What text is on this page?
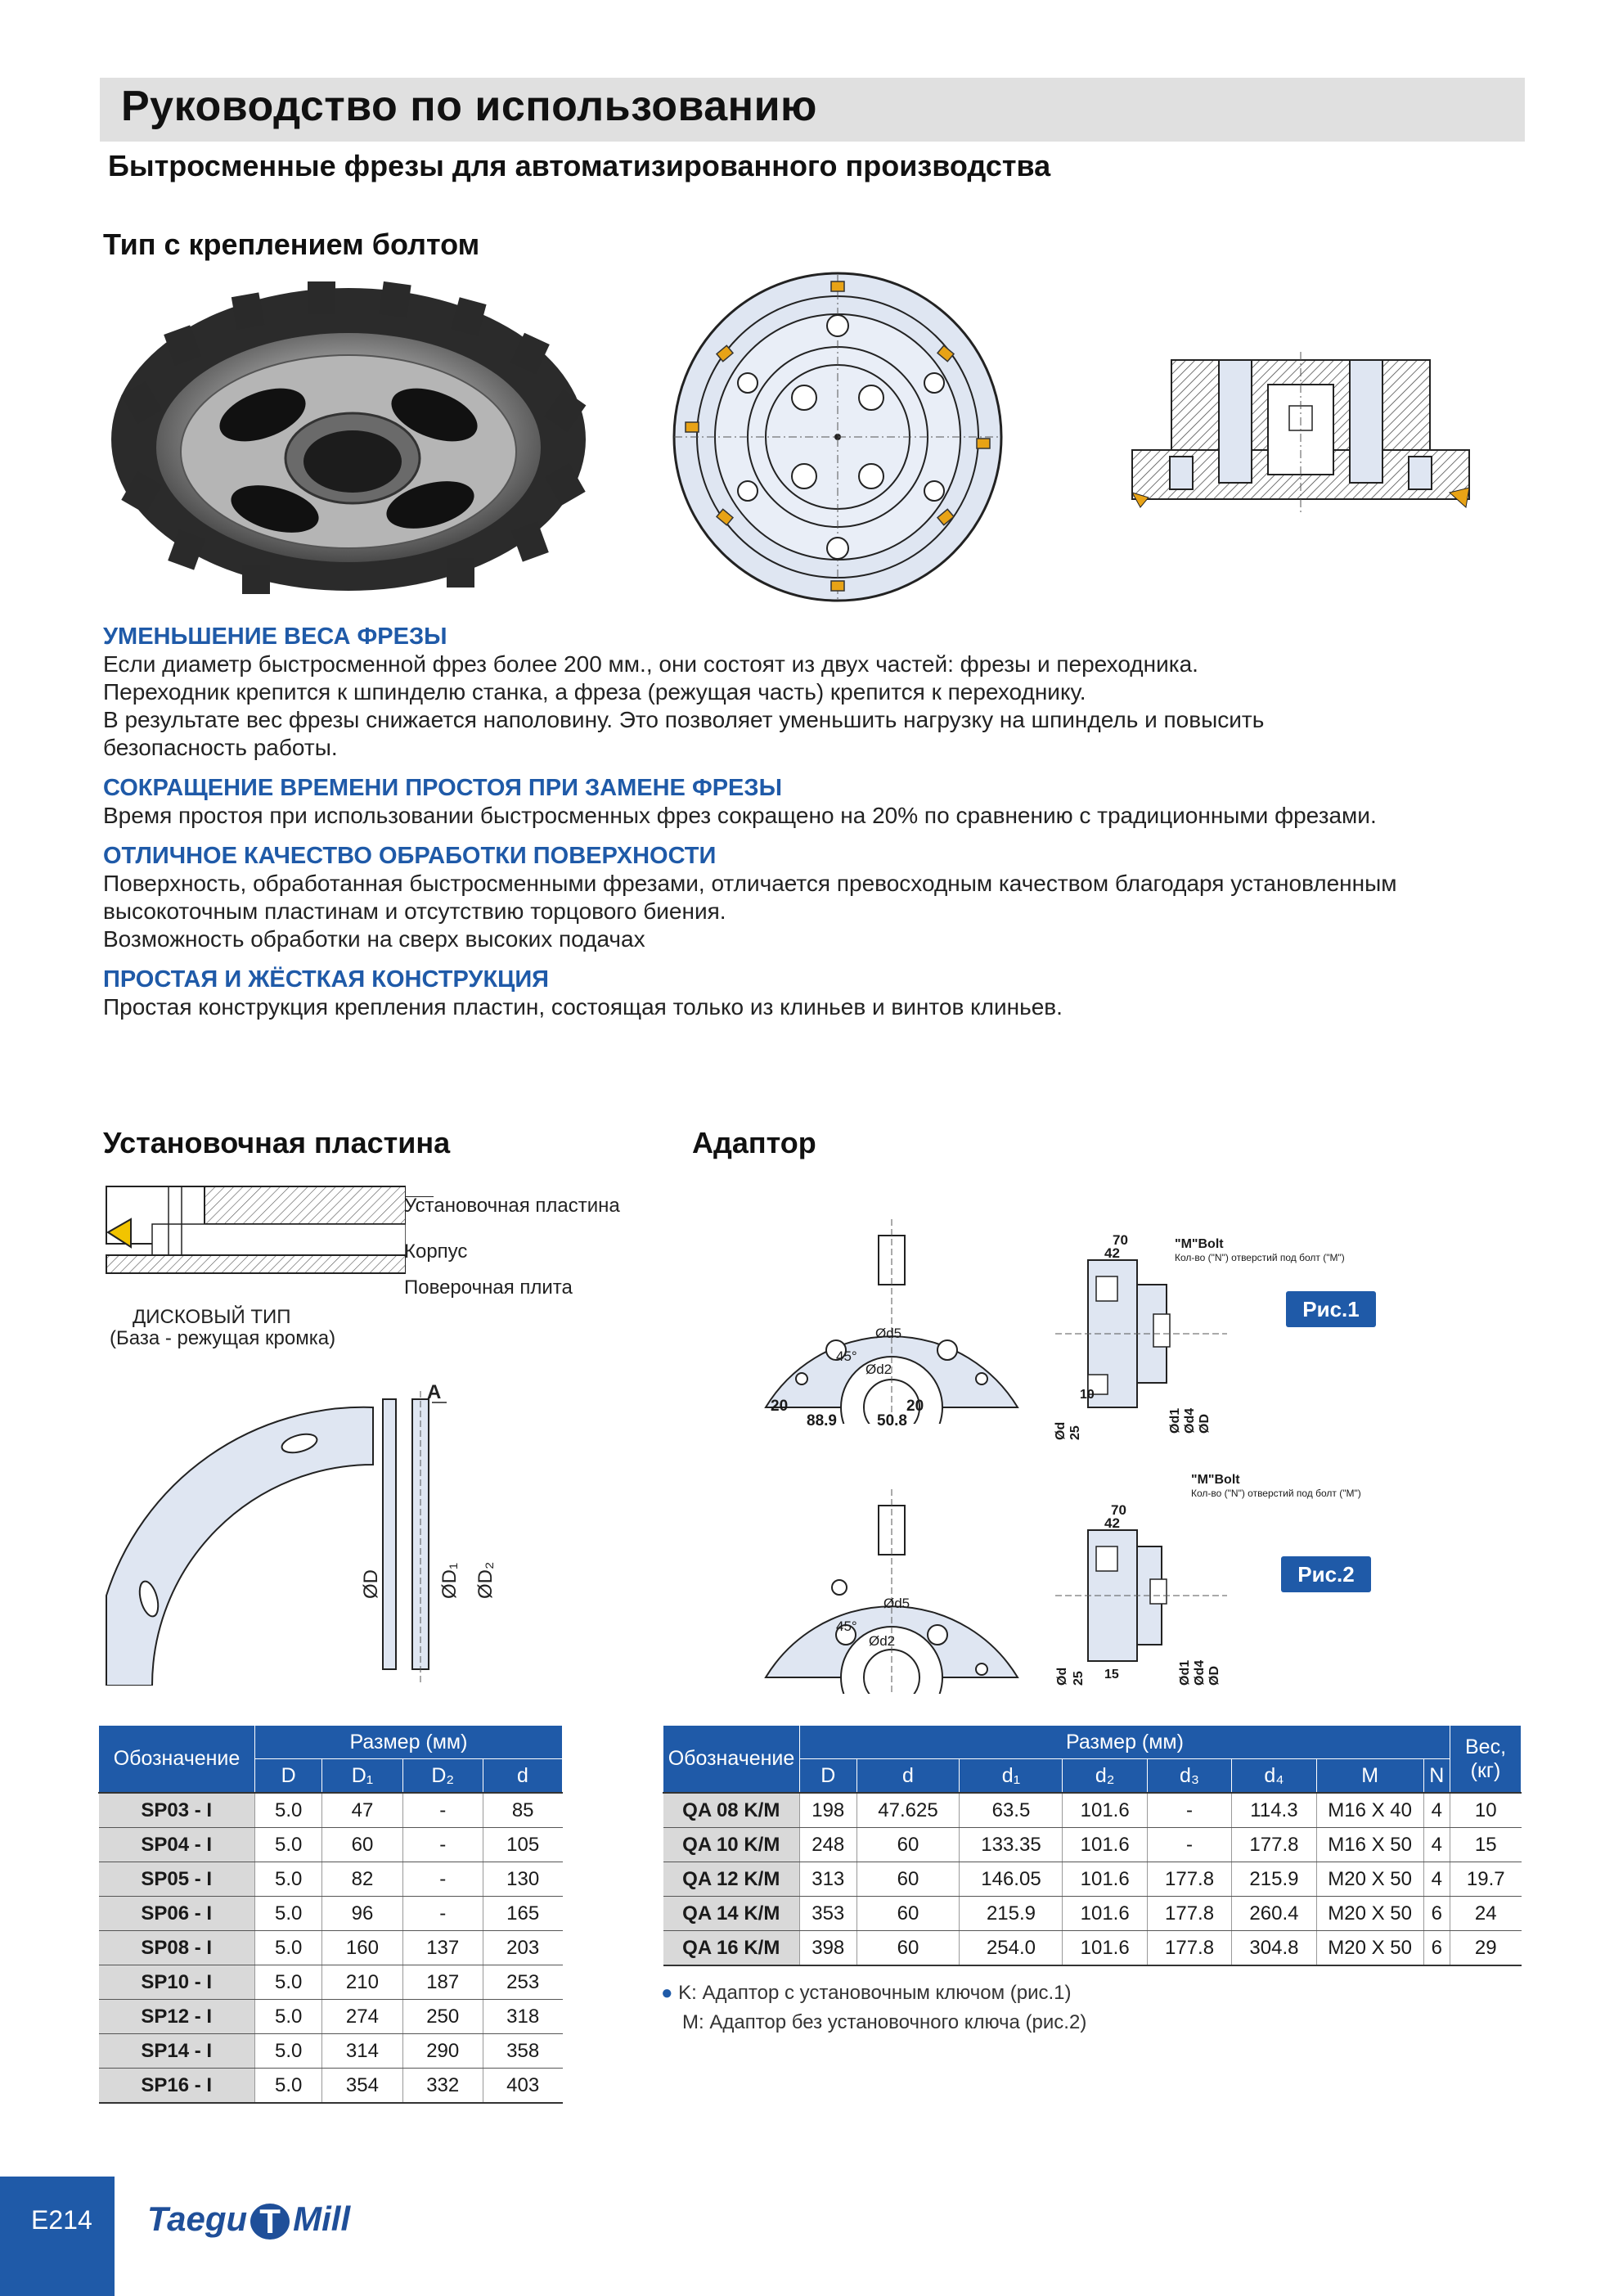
Руководство по использованию
Бытросменные фрезы для автоматизированного производства
Тип с креплением болтом
УМЕНЬШЕНИЕ ВЕСА ФРЕЗЫ
Если диаметр быстросменной фрез более 200 мм., они состоят из двух частей: фрезы и переходника.
Переходник крепится к шпинделю станка, а фреза (режущая часть) крепится к переходнику.
В результате вес фрезы снижается наполовину. Это позволяет уменьшить нагрузку на шпиндель и повысить
безопасность работы.
СОКРАЩЕНИЕ ВРЕМЕНИ ПРОСТОЯ ПРИ ЗАМЕНЕ ФРЕЗЫ
Время простоя при использовании быстросменных фрез сокращено на 20% по сравнению с традиционными фрезами.
ОТЛИЧНОЕ КАЧЕСТВО ОБРАБОТКИ ПОВЕРХНОСТИ
Поверхность, обработанная быстросменными фрезами, отличается превосходным качеством благодаря установленным
высокоточным пластинам и отсутствию торцового биения.
Возможность обработки на сверх высоких подачах
ПРОСТАЯ И ЖЁСТКАЯ КОНСТРУКЦИЯ
Простая конструкция крепления пластин, состоящая только из клиньев и винтов клиньев.
Установочная пластина	Адаптор
Установочная пластина
Корпус
Поверочная плита
ДИСКОВЫЙ ТИП
(База - режущая кромка)
A
ØD	ØD₁ ØD₂
45°
45°
Ød2
Ød2
Ød5
Ød5
20	20
88.9	50.8
70
42
"M"Bolt
Кол-во ("N") отверстий под болт ("M")
70
42
"M"Bolt
Кол-во ("N") отверстий под болт ("M")
10
25
Ød	Ød1 Ød4 ØD
15
25
Ød	Ød1 Ød4 ØD
Рис.1
Рис.2
Обозначение	Размер (мм)			
	D	D₁	D₂	d
SP03 - I	5.0	47	-	85
SP04 - I	5.0	60	-	105
SP05 - I	5.0	82	-	130
SP06 - I	5.0	96	-	165
SP08 - I	5.0	160	137	203
SP10 - I	5.0	210	187	253
SP12 - I	5.0	274	250	318
SP14 - I	5.0	314	290	358
SP16 - I	5.0	354	332	403
Обозначение	Размер (мм)								Вес, (кг)
	D	d	d₁	d₂	d₃	d₄	M	N	
QA 08 K/M	198	47.625	63.5	101.6	-	114.3	M16 X 40	4	10
QA 10 K/M	248	60	133.35	101.6	-	177.8	M16 X 50	4	15
QA 12 K/M	313	60	146.05	101.6	177.8	215.9	M20 X 50	4	19.7
QA 14 K/M	353	60	215.9	101.6	177.8	260.4	M20 X 50	6	24
QA 16 K/M	398	60	254.0	101.6	177.8	304.8	M20 X 50	6	29
● K: Адаптор с установочным ключом (рис.1)
M: Адаптор без установочного ключа (рис.2)
E214 Taegu T Mill
